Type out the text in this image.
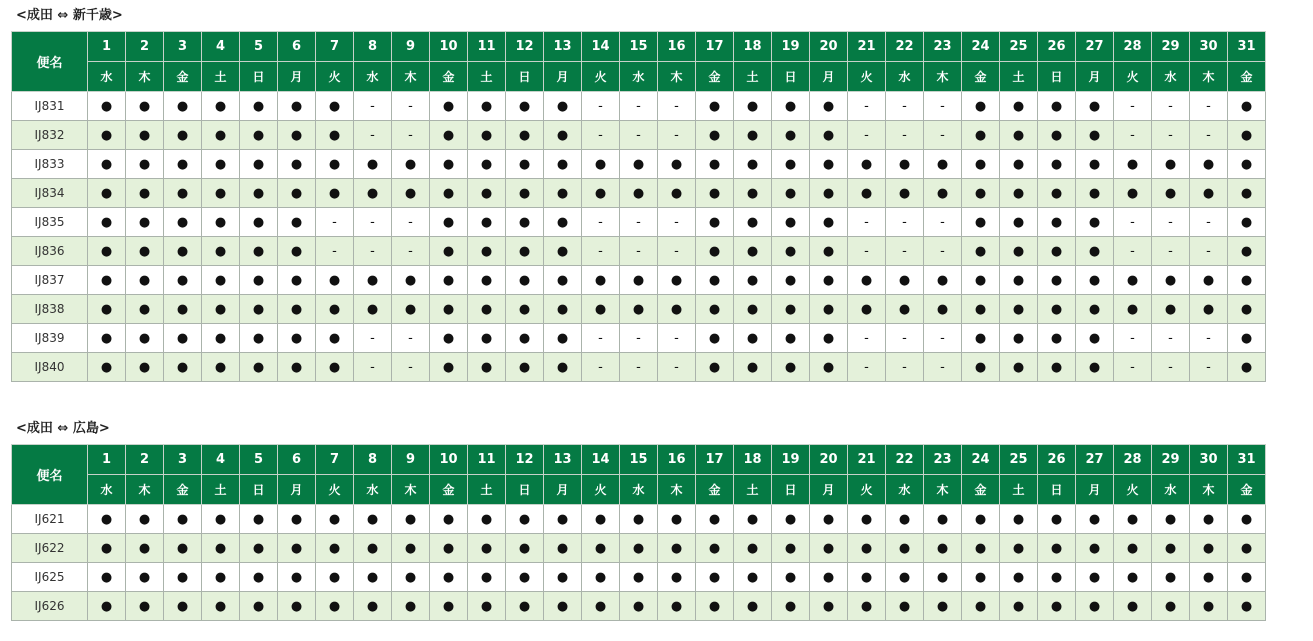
<成田 ⇔ 新千歳>
便名	1	2	3	4	5	6	7	8	9	10	11	12	13	14	15	16	17	18	19	20	21	22	23	24	25	26	27	28	29	30	31
	水	木	金	土	日	月	火	水	木	金	土	日	月	火	水	木	金	土	日	月	火	水	木	金	土	日	月	火	水	木	金
IJ831	●	●	●	●	●	●	●	-	-	●	●	●	●	-	-	-	●	●	●	●	-	-	-	●	●	●	●	-	-	-	●
IJ832	●	●	●	●	●	●	●	-	-	●	●	●	●	-	-	-	●	●	●	●	-	-	-	●	●	●	●	-	-	-	●
IJ833	●	●	●	●	●	●	●	●	●	●	●	●	●	●	●	●	●	●	●	●	●	●	●	●	●	●	●	●	●	●	●
IJ834	●	●	●	●	●	●	●	●	●	●	●	●	●	●	●	●	●	●	●	●	●	●	●	●	●	●	●	●	●	●	●
IJ835	●	●	●	●	●	●	-	-	-	●	●	●	●	-	-	-	●	●	●	●	-	-	-	●	●	●	●	-	-	-	●
IJ836	●	●	●	●	●	●	-	-	-	●	●	●	●	-	-	-	●	●	●	●	-	-	-	●	●	●	●	-	-	-	●
IJ837	●	●	●	●	●	●	●	●	●	●	●	●	●	●	●	●	●	●	●	●	●	●	●	●	●	●	●	●	●	●	●
IJ838	●	●	●	●	●	●	●	●	●	●	●	●	●	●	●	●	●	●	●	●	●	●	●	●	●	●	●	●	●	●	●
IJ839	●	●	●	●	●	●	●	-	-	●	●	●	●	-	-	-	●	●	●	●	-	-	-	●	●	●	●	-	-	-	●
IJ840	●	●	●	●	●	●	●	-	-	●	●	●	●	-	-	-	●	●	●	●	-	-	-	●	●	●	●	-	-	-	●
<成田 ⇔ 広島>
便名	1	2	3	4	5	6	7	8	9	10	11	12	13	14	15	16	17	18	19	20	21	22	23	24	25	26	27	28	29	30	31
	水	木	金	土	日	月	火	水	木	金	土	日	月	火	水	木	金	土	日	月	火	水	木	金	土	日	月	火	水	木	金
IJ621	●	●	●	●	●	●	●	●	●	●	●	●	●	●	●	●	●	●	●	●	●	●	●	●	●	●	●	●	●	●	●
IJ622	●	●	●	●	●	●	●	●	●	●	●	●	●	●	●	●	●	●	●	●	●	●	●	●	●	●	●	●	●	●	●
IJ625	●	●	●	●	●	●	●	●	●	●	●	●	●	●	●	●	●	●	●	●	●	●	●	●	●	●	●	●	●	●	●
IJ626	●	●	●	●	●	●	●	●	●	●	●	●	●	●	●	●	●	●	●	●	●	●	●	●	●	●	●	●	●	●	●
